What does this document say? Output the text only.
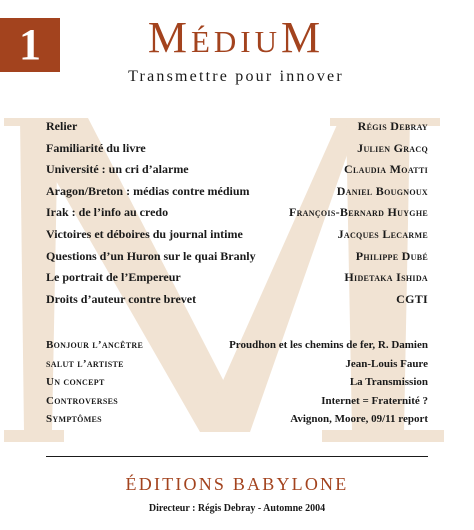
1	MédiuM
Transmettre pour innover
Relier	Régis Debray
Familiarité du livre	Julien Gracq
Université : un cri d’alarme	Claudia Moatti
Aragon/Breton : médias contre médium	Daniel Bougnoux
Irak : de l’info au credo	François-Bernard Huyghe
Victoires et déboires du journal intime	Jacques Lecarme
Questions d’un Huron sur le quai Branly	Philippe Dubé
Le portrait de l’Empereur	Hidetaka Ishida
Droits d’auteur contre brevet	CGTI
Bonjour l’ancêtre	Proudhon et les chemins de fer, R. Damien
salut l’artiste	Jean-Louis Faure
Un concept	La Transmission
Controverses	Internet = Fraternité ?
Symptômes	Avignon, Moore, 09/11 report
ÉDITIONS BABYLONE
Directeur : Régis Debray - Automne 2004
